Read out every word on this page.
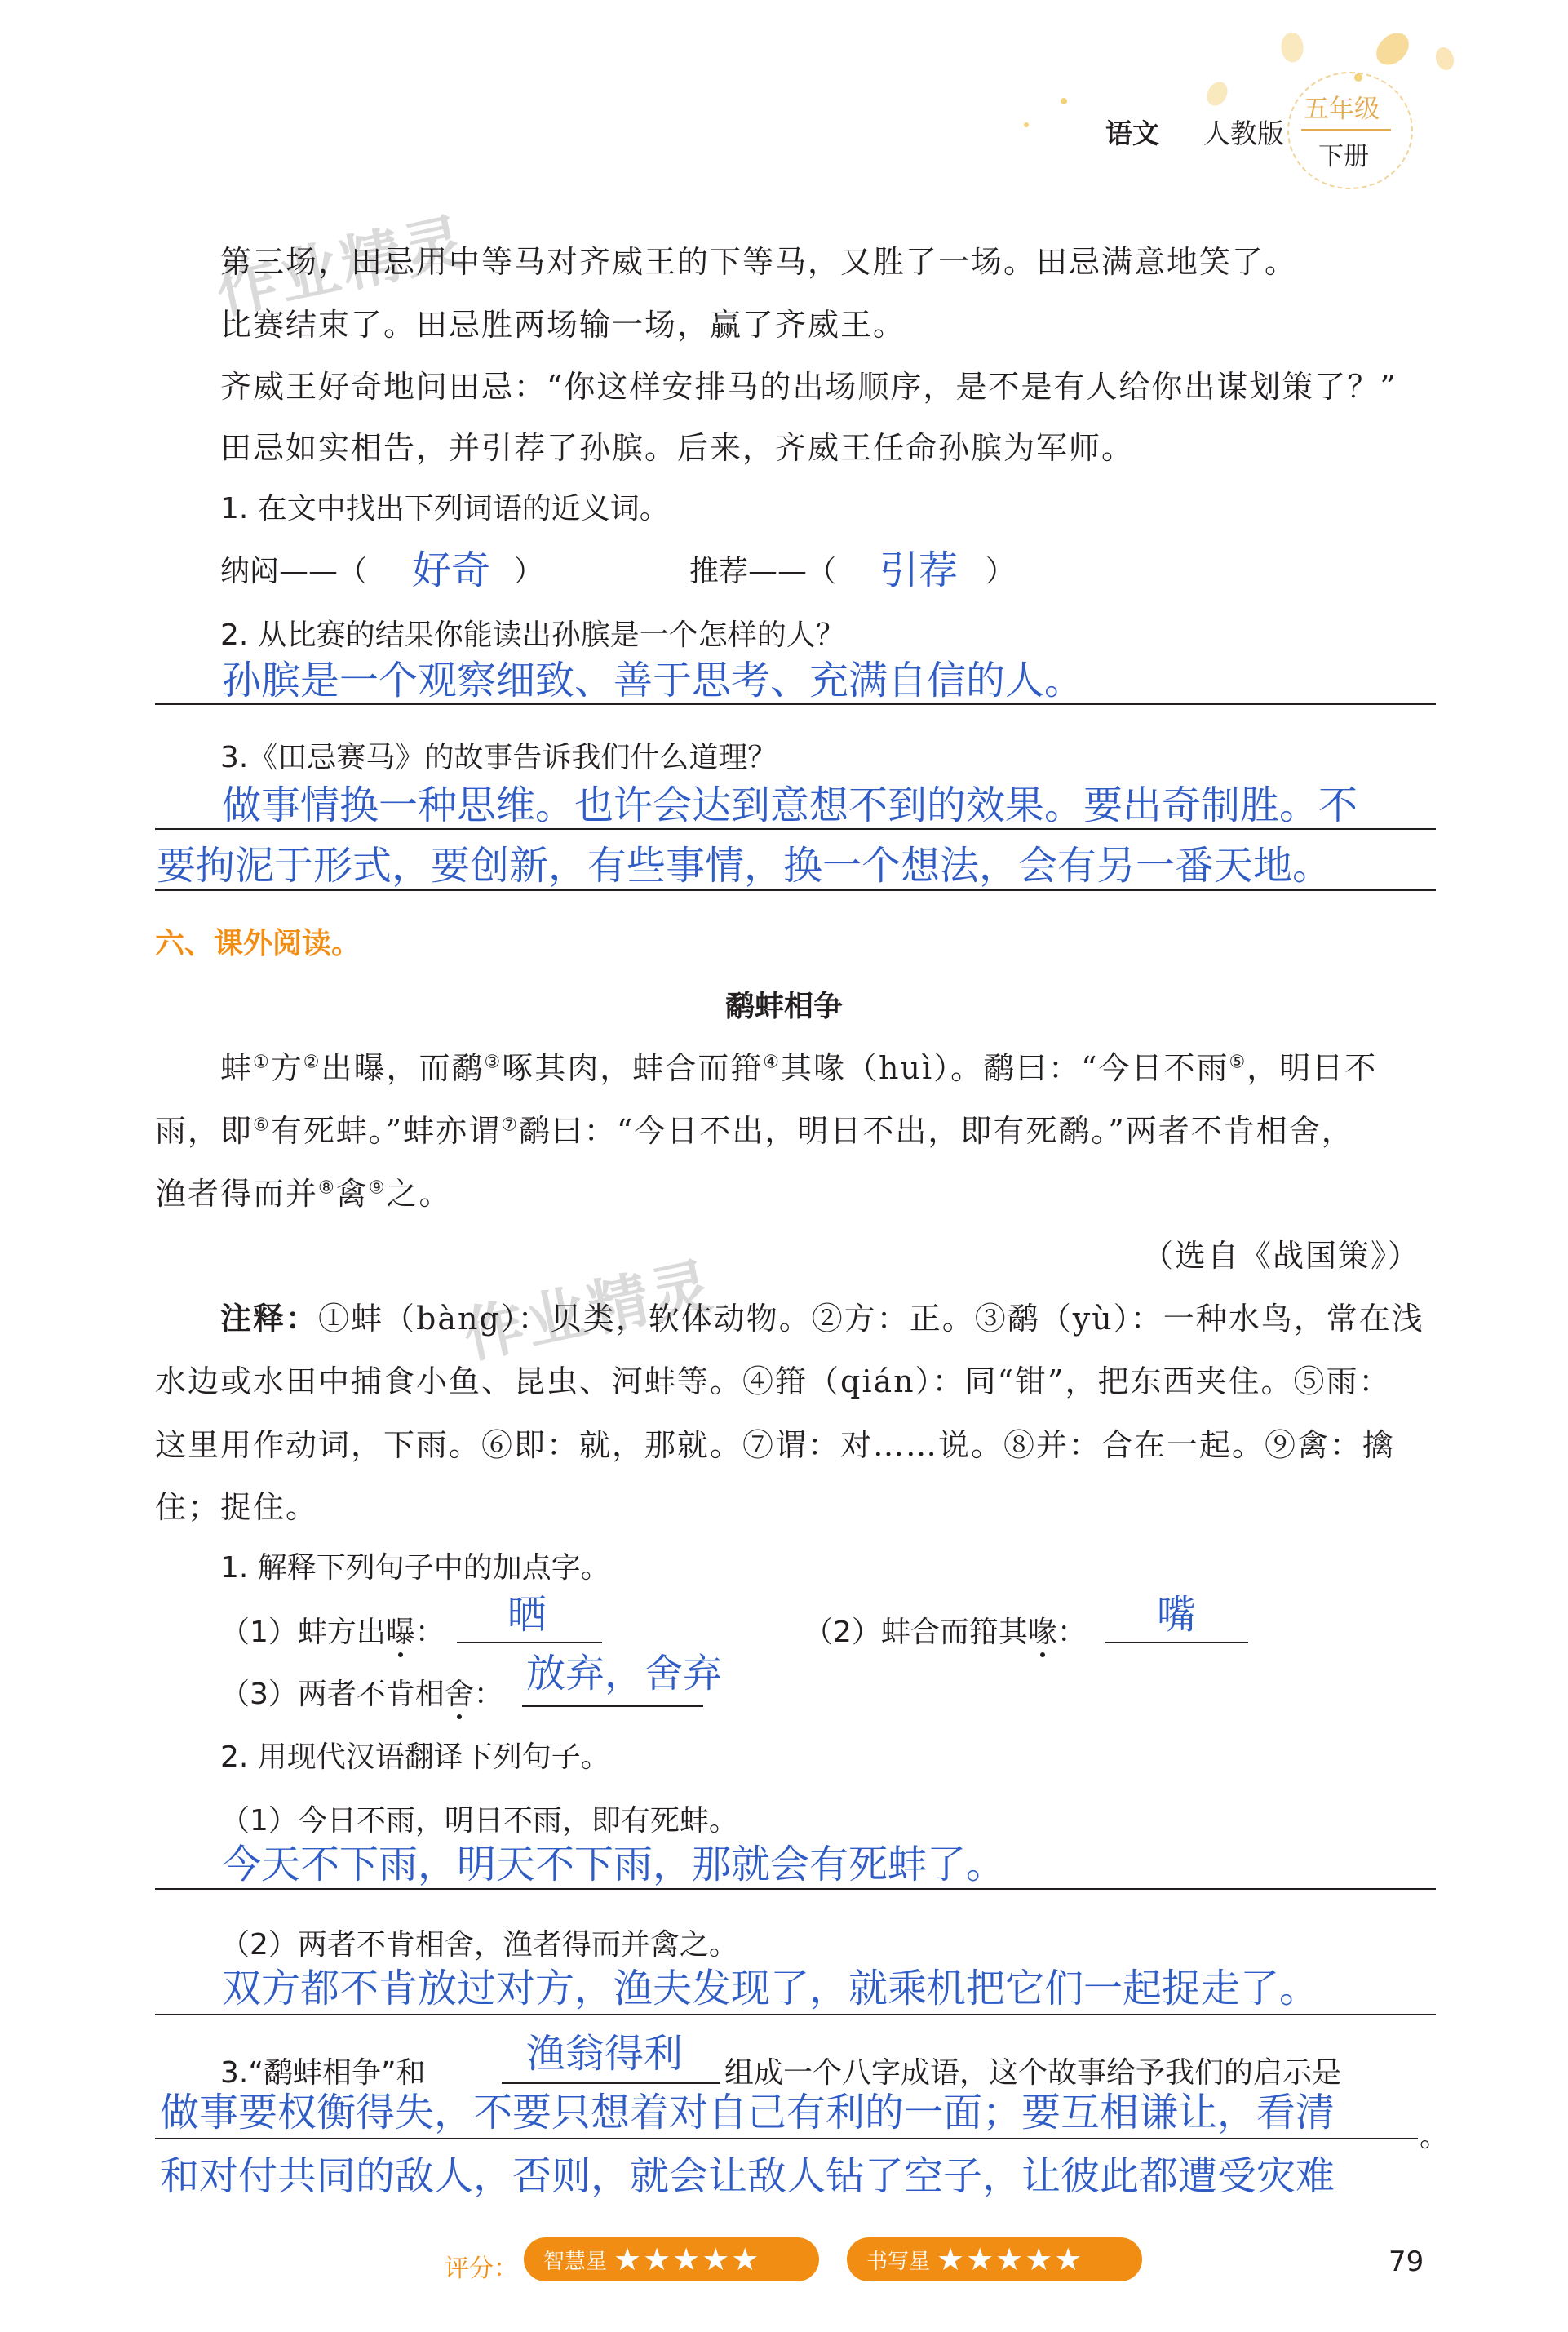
语文 人教版
五年级
下册
作业精灵
作业精灵
第三场，田忌用中等马对齐威王的下等马，又胜了一场。田忌满意地笑了。
比赛结束了。田忌胜两场输一场，赢了齐威王。
齐威王好奇地问田忌：“你这样安排马的出场顺序，是不是有人给你出谋划策了？”
田忌如实相告，并引荐了孙膑。后来，齐威王任命孙膑为军师。
1. 在文中找出下列词语的近义词。
纳闷——（ 好奇 ）	推荐——（ 引荐 ）
2. 从比赛的结果你能读出孙膑是一个怎样的人？
孙膑是一个观察细致、善于思考、充满自信的人。
3.《田忌赛马》的故事告诉我们什么道理？
做事情换一种思维。也许会达到意想不到的效果。要出奇制胜。不
要拘泥于形式，要创新，有些事情，换一个想法，会有另一番天地。
六、课外阅读。
鹬蚌相争
蚌①方②出曝，而鹬③啄其肉，蚌合而箝④其喙（huì）。鹬曰：“今日不雨⑤，明日不
雨，即⑥有死蚌。”蚌亦谓⑦鹬曰：“今日不出，明日不出，即有死鹬。”两者不肯相舍，
渔者得而并⑧禽⑨之。
（选自《战国策》）
注释：①蚌（bàng）：贝类，软体动物。②方：正。③鹬（yù）：一种水鸟，常在浅
水边或水田中捕食小鱼、昆虫、河蚌等。④箝（qián）：同“钳”，把东西夹住。⑤雨：
这里用作动词，下雨。⑥即：就，那就。⑦谓：对……说。⑧并：合在一起。⑨禽：擒
住；捉住。
1. 解释下列句子中的加点字。
（1）蚌方出曝： 晒	（2）蚌合而箝其喙： 嘴
（3）两者不肯相舍： 放弃，舍弃
2. 用现代汉语翻译下列句子。
（1）今日不雨，明日不雨，即有死蚌。
今天不下雨，明天不下雨，那就会有死蚌了。
（2）两者不肯相舍，渔者得而并禽之。
双方都不肯放过对方，渔夫发现了，就乘机把它们一起捉走了。
3.“鹬蚌相争”和	渔翁得利 组成一个八字成语，这个故事给予我们的启示是
做事要权衡得失，不要只想着对自己有利的一面；要互相谦让，看清
。
和对付共同的敌人，否则，就会让敌人钻了空子，让彼此都遭受灾难
评分： 智慧星 ★★★★★	书写星 ★★★★★	79
